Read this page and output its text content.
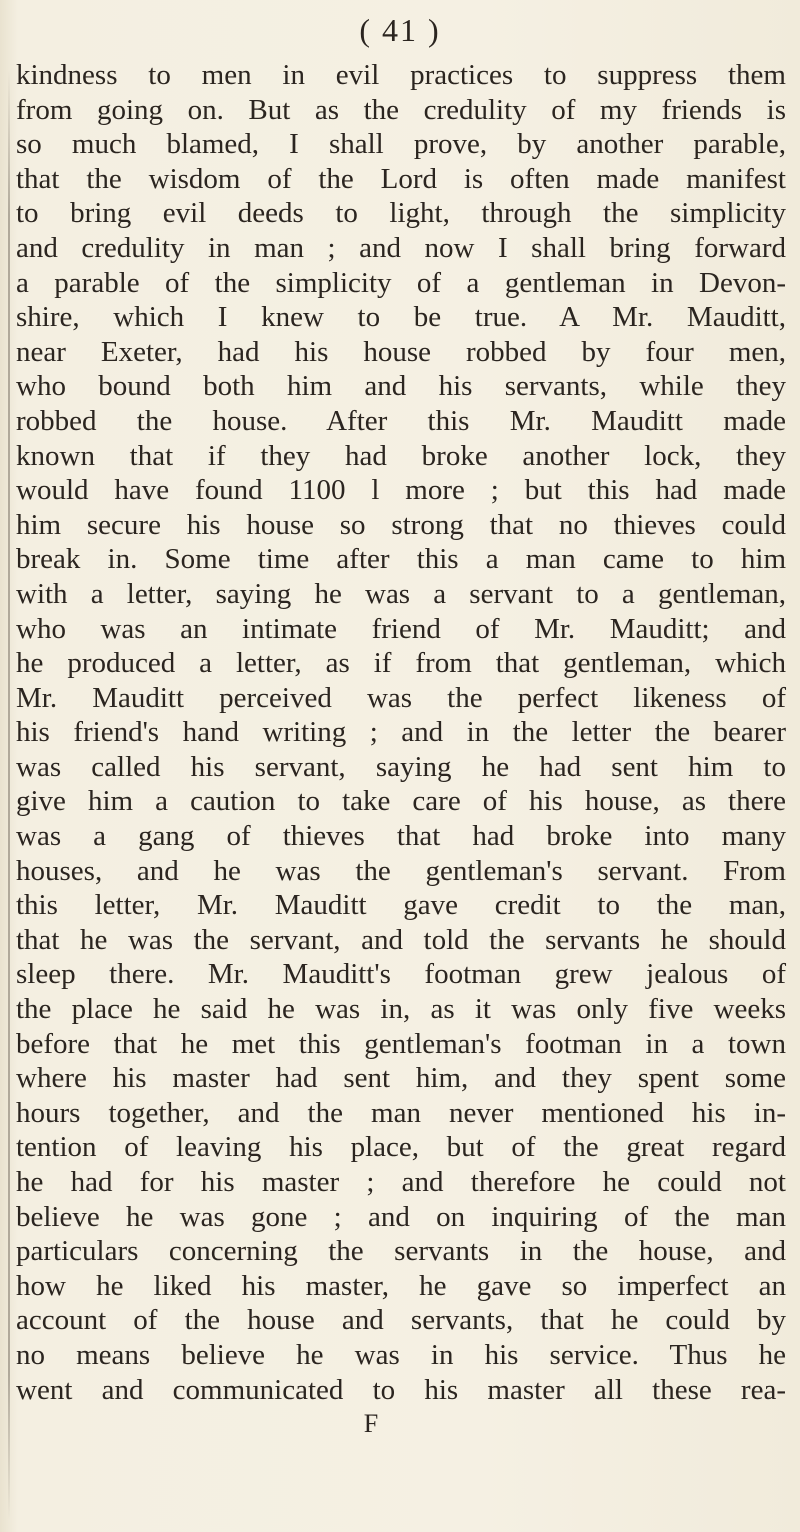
( 41 )
kindness to men in evil practices to suppress them
from going on. But as the credulity of my friends is
so much blamed, I shall prove, by another parable,
that the wisdom of the Lord is often made manifest
to bring evil deeds to light, through the simplicity
and credulity in man ; and now I shall bring forward
a parable of the simplicity of a gentleman in Devon-
shire, which I knew to be true. A Mr. Mauditt,
near Exeter, had his house robbed by four men,
who bound both him and his servants, while they
robbed the house. After this Mr. Mauditt made
known that if they had broke another lock, they
would have found 1100 l more ; but this had made
him secure his house so strong that no thieves could
break in. Some time after this a man came to him
with a letter, saying he was a servant to a gentleman,
who was an intimate friend of Mr. Mauditt; and
he produced a letter, as if from that gentleman, which
Mr. Mauditt perceived was the perfect likeness of
his friend's hand writing ; and in the letter the bearer
was called his servant, saying he had sent him to
give him a caution to take care of his house, as there
was a gang of thieves that had broke into many
houses, and he was the gentleman's servant. From
this letter, Mr. Mauditt gave credit to the man,
that he was the servant, and told the servants he should
sleep there. Mr. Mauditt's footman grew jealous of
the place he said he was in, as it was only five weeks
before that he met this gentleman's footman in a town
where his master had sent him, and they spent some
hours together, and the man never mentioned his in-
tention of leaving his place, but of the great regard
he had for his master ; and therefore he could not
believe he was gone ; and on inquiring of the man
particulars concerning the servants in the house, and
how he liked his master, he gave so imperfect an
account of the house and servants, that he could by
no means believe he was in his service. Thus he
went and communicated to his master all these rea-
F
